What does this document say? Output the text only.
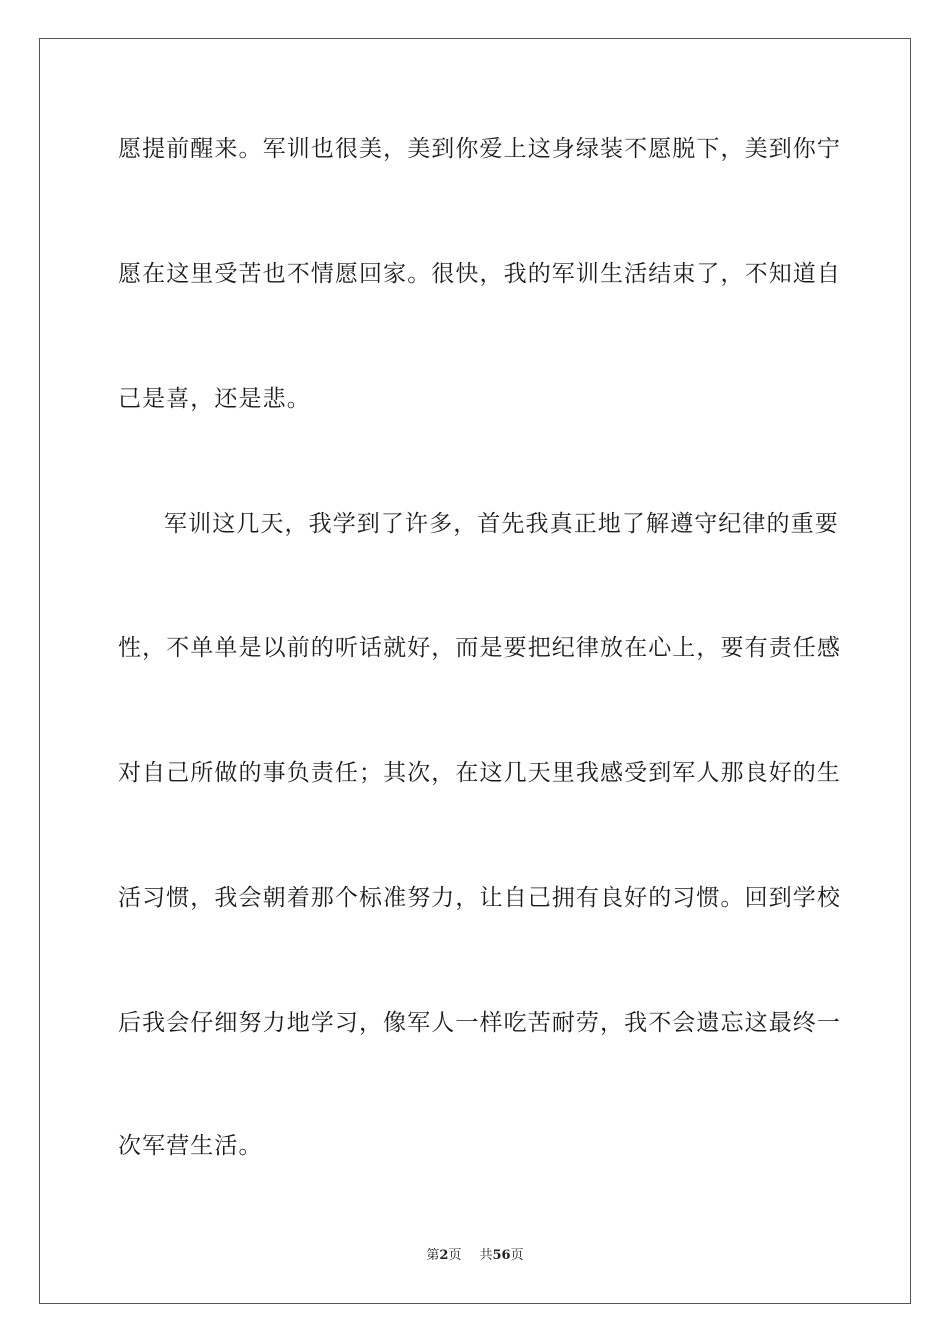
愿提前醒来。军训也很美，美到你爱上这身绿装不愿脱下，美到你宁
愿在这里受苦也不情愿回家。很快，我的军训生活结束了，不知道自
己是喜，还是悲。
军训这几天，我学到了许多，首先我真正地了解遵守纪律的重要
性，不单单是以前的听话就好，而是要把纪律放在心上，要有责任感
对自己所做的事负责任；其次，在这几天里我感受到军人那良好的生
活习惯，我会朝着那个标准努力，让自己拥有良好的习惯。回到学校
后我会仔细努力地学习，像军人一样吃苦耐劳，我不会遗忘这最终一
次军营生活。
第2页 共56页
